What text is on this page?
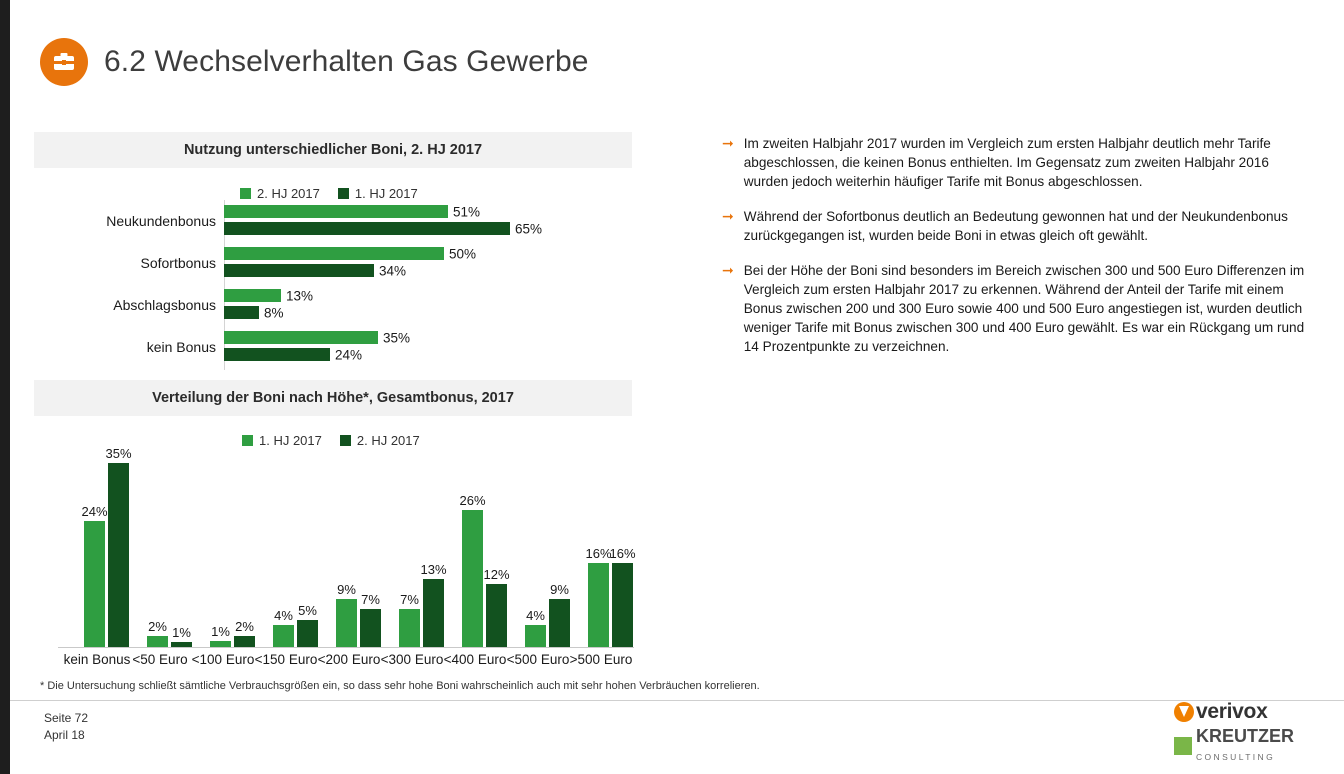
6.2 Wechselverhalten Gas Gewerbe
Nutzung unterschiedlicher Boni, 2. HJ 2017
2. HJ 2017	1. HJ 2017
Neukundenbonus
51%
65%
Sofortbonus
50%
34%
Abschlagsbonus
13%
8%
kein Bonus
35%
24%
Verteilung der Boni nach Höhe*, Gesamtbonus, 2017
1. HJ 2017	2. HJ 2017
24%
35%
2% 1% 1% 2%
4% 5%
9%
7% 7%
13%
26%
12%
4%
9%
16%
16%
kein Bonus <50 Euro <100 Euro <150 Euro <200 Euro <300 Euro <400 Euro <500 Euro >500 Euro
* Die Untersuchung schließt sämtliche Verbrauchsgrößen ein, so dass sehr hohe Boni wahrscheinlich auch mit sehr hohen Verbräuchen korrelieren.
➞ Im zweiten Halbjahr 2017 wurden im Vergleich zum ersten Halbjahr deutlich mehr Tarife abgeschlossen, die keinen Bonus enthielten. Im Gegensatz zum zweiten Halbjahr 2016 wurden jedoch weiterhin häufiger Tarife mit Bonus abgeschlossen.
➞ Während der Sofortbonus deutlich an Bedeutung gewonnen hat und der Neukundenbonus zurückgegangen ist, wurden beide Boni in etwas gleich oft gewählt.
➞ Bei der Höhe der Boni sind besonders im Bereich zwischen 300 und 500 Euro Differenzen im Vergleich zum ersten Halbjahr 2017 zu erkennen. Während der Anteil der Tarife mit einem Bonus zwischen 200 und 300 Euro sowie 400 und 500 Euro angestiegen ist, wurden deutlich weniger Tarife mit Bonus zwischen 300 und 400 Euro gewählt. Es war ein Rückgang um rund 14 Prozentpunkte zu verzeichnen.
Seite 72
April 18
verivox
KREUTZER
CONSULTING
